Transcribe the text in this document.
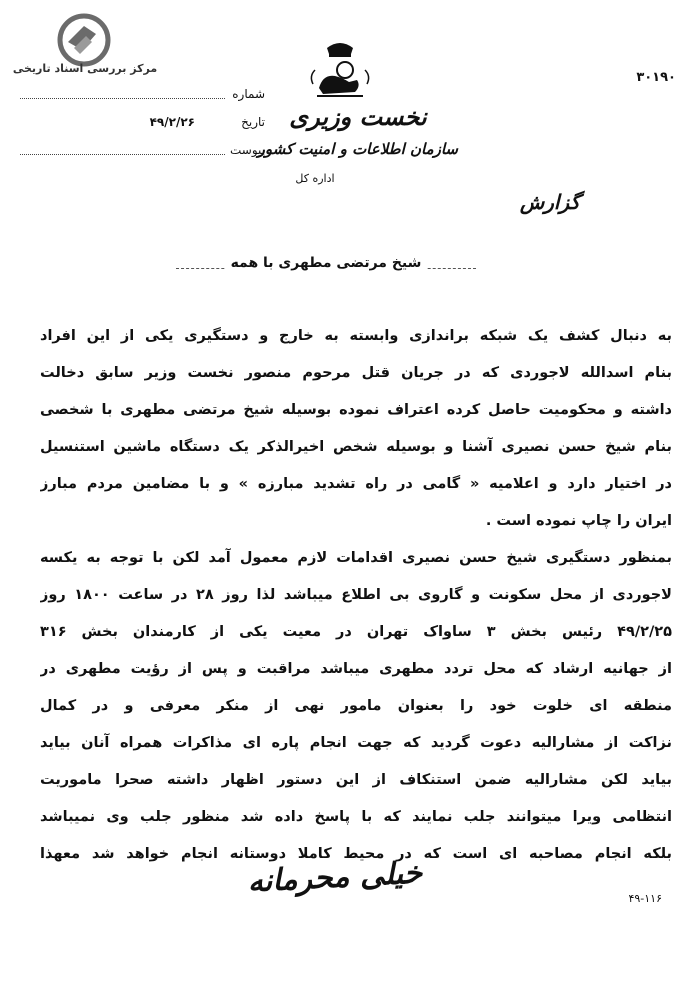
مرکز بررسی اسناد تاریخی
۳۰۱۹۰
شماره
تاریخ
۴۹/۲/۲۶
پیوست
نخست وزیری
سازمان اطلاعات و امنیت کشور
اداره کل
گزارش
شیخ مرتضی مطهری با همه
به دنبال کشف یک شبکه براندازی وابسته به خارج و دستگیری یکی از این افراد
بنام اسدالله لاجوردی که در جریان قتل مرحوم منصور نخست وزیر سابق دخالت
داشته و محکومیت حاصل کرده اعتراف نموده بوسیله شیخ مرتضی مطهری با شخصی
بنام شیخ حسن نصیری آشنا و بوسیله شخص اخیرالذکر یک دستگاه ماشین استنسیل
در اختیار دارد و اعلامیه « گامی در راه تشدید مبارزه » و با مضامین مردم مبارز
ایران را چاپ نموده است .
بمنظور دستگیری شیخ حسن نصیری اقدامات لازم معمول آمد لکن با توجه به یکسه
لاجوردی از محل سکونت و گاروی بی اطلاع میباشد لذا روز ۲۸ در ساعت ۱۸۰۰ روز
۴۹/۲/۲۵ رئیس بخش ۳ ساواک تهران در معیت یکی از کارمندان بخش ۳۱۶
از جهانیه ارشاد که محل تردد مطهری میباشد مراقبت و پس از رؤیت مطهری در
منطقه ای خلوت خود را بعنوان مامور نهی از منکر معرفی و در کمال
نزاکت از مشارالیه دعوت گردید که جهت انجام پاره ای مذاکرات همراه آنان بیاید
بیاید لکن مشارالیه ضمن استنکاف از این دستور اظهار داشته صحرا ماموریت
انتظامی ویرا میتوانند جلب نمایند که با پاسخ داده شد منظور جلب وی نمیباشد
بلکه انجام مصاحبه ای است که در محیط کاملا دوستانه انجام خواهد شد معهذا
خیلی محرمانه	۴۹-۱۱۶
